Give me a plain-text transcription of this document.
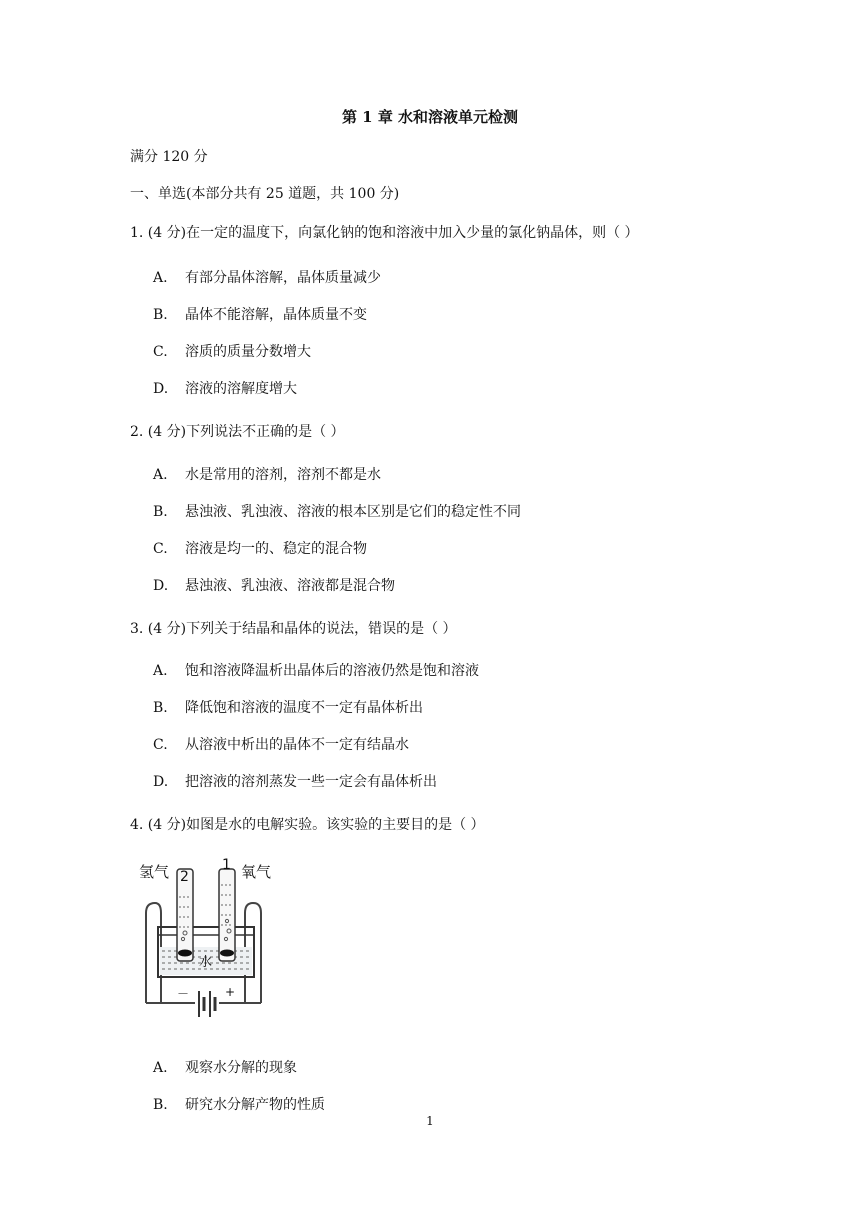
第 1 章 水和溶液单元检测
满分 120 分
一、单选(本部分共有 25 道题，共 100 分)
1. (4 分)在一定的温度下，向氯化钠的饱和溶液中加入少量的氯化钠晶体，则（ ）
A. 有部分晶体溶解，晶体质量减少
B. 晶体不能溶解，晶体质量不变
C. 溶质的质量分数增大
D. 溶液的溶解度增大
2. (4 分)下列说法不正确的是（ ）
A. 水是常用的溶剂，溶剂不都是水
B. 悬浊液、乳浊液、溶液的根本区别是它们的稳定性不同
C. 溶液是均一的、稳定的混合物
D. 悬浊液、乳浊液、溶液都是混合物
3. (4 分)下列关于结晶和晶体的说法，错误的是（ ）
A. 饱和溶液降温析出晶体后的溶液仍然是饱和溶液
B. 降低饱和溶液的温度不一定有晶体析出
C. 从溶液中析出的晶体不一定有结晶水
D. 把溶液的溶剂蒸发一些一定会有晶体析出
4. (4 分)如图是水的电解实验。该实验的主要目的是（ ）
氢气	氧气
2
1
水
－	+
A. 观察水分解的现象
B. 研究水分解产物的性质
1
